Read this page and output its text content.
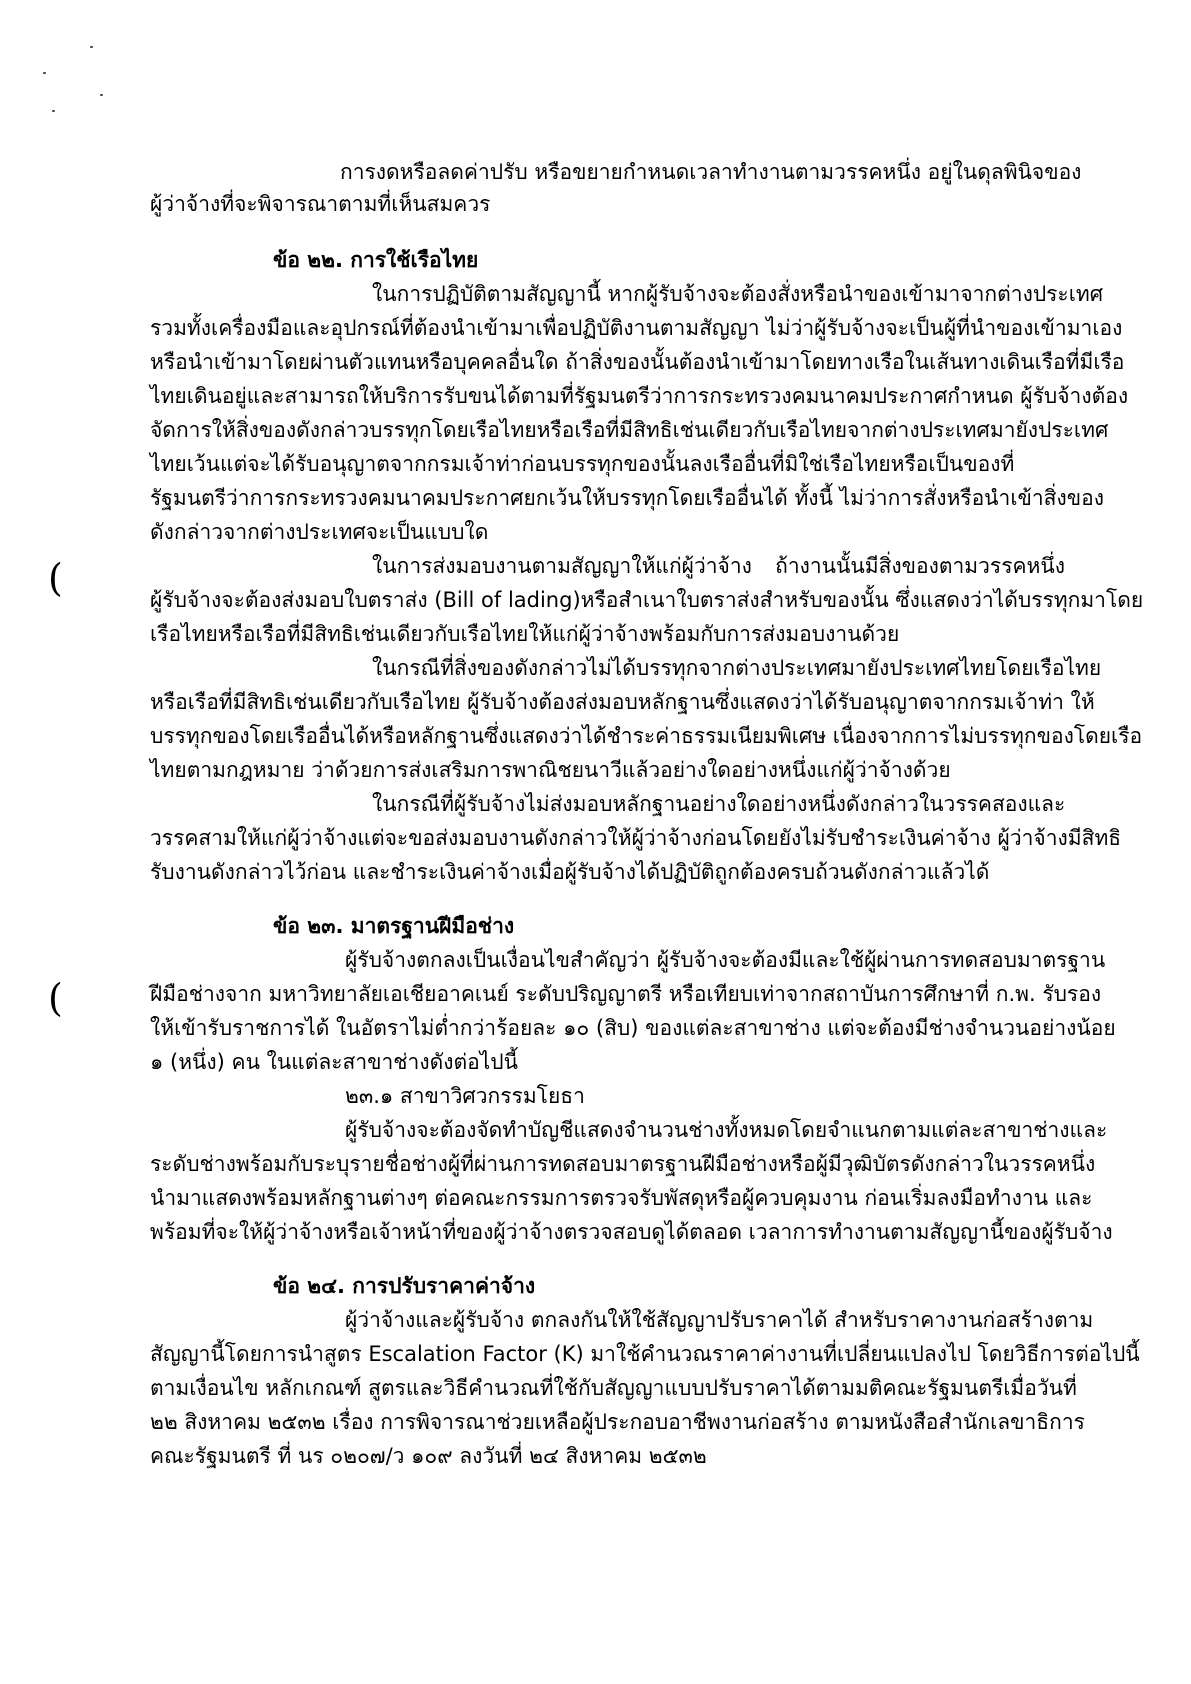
(
(
การงดหรือลดค่าปรับ หรือขยายกำหนดเวลาทำงานตามวรรคหนึ่ง อยู่ในดุลพินิจของ
ผู้ว่าจ้างที่จะพิจารณาตามที่เห็นสมควร
ข้อ ๒๒. การใช้เรือไทย
ในการปฏิบัติตามสัญญานี้ หากผู้รับจ้างจะต้องสั่งหรือนำของเข้ามาจากต่างประเทศ
รวมทั้งเครื่องมือและอุปกรณ์ที่ต้องนำเข้ามาเพื่อปฏิบัติงานตามสัญญา ไม่ว่าผู้รับจ้างจะเป็นผู้ที่นำของเข้ามาเอง
หรือนำเข้ามาโดยผ่านตัวแทนหรือบุคคลอื่นใด ถ้าสิ่งของนั้นต้องนำเข้ามาโดยทางเรือในเส้นทางเดินเรือที่มีเรือ
ไทยเดินอยู่และสามารถให้บริการรับขนได้ตามที่รัฐมนตรีว่าการกระทรวงคมนาคมประกาศกำหนด ผู้รับจ้างต้อง
จัดการให้สิ่งของดังกล่าวบรรทุกโดยเรือไทยหรือเรือที่มีสิทธิเช่นเดียวกับเรือไทยจากต่างประเทศมายังประเทศ
ไทยเว้นแต่จะได้รับอนุญาตจากกรมเจ้าท่าก่อนบรรทุกของนั้นลงเรืออื่นที่มิใช่เรือไทยหรือเป็นของที่
รัฐมนตรีว่าการกระทรวงคมนาคมประกาศยกเว้นให้บรรทุกโดยเรืออื่นได้ ทั้งนี้ ไม่ว่าการสั่งหรือนำเข้าสิ่งของ
ดังกล่าวจากต่างประเทศจะเป็นแบบใด
ในการส่งมอบงานตามสัญญาให้แก่ผู้ว่าจ้าง ถ้างานนั้นมีสิ่งของตามวรรคหนึ่ง
ผู้รับจ้างจะต้องส่งมอบใบตราส่ง (Bill of lading)หรือสำเนาใบตราส่งสำหรับของนั้น ซึ่งแสดงว่าได้บรรทุกมาโดย
เรือไทยหรือเรือที่มีสิทธิเช่นเดียวกับเรือไทยให้แก่ผู้ว่าจ้างพร้อมกับการส่งมอบงานด้วย
ในกรณีที่สิ่งของดังกล่าวไม่ได้บรรทุกจากต่างประเทศมายังประเทศไทยโดยเรือไทย
หรือเรือที่มีสิทธิเช่นเดียวกับเรือไทย ผู้รับจ้างต้องส่งมอบหลักฐานซึ่งแสดงว่าได้รับอนุญาตจากกรมเจ้าท่า ให้
บรรทุกของโดยเรืออื่นได้หรือหลักฐานซึ่งแสดงว่าได้ชำระค่าธรรมเนียมพิเศษ เนื่องจากการไม่บรรทุกของโดยเรือ
ไทยตามกฎหมาย ว่าด้วยการส่งเสริมการพาณิชยนาวีแล้วอย่างใดอย่างหนึ่งแก่ผู้ว่าจ้างด้วย
ในกรณีที่ผู้รับจ้างไม่ส่งมอบหลักฐานอย่างใดอย่างหนึ่งดังกล่าวในวรรคสองและ
วรรคสามให้แก่ผู้ว่าจ้างแต่จะขอส่งมอบงานดังกล่าวให้ผู้ว่าจ้างก่อนโดยยังไม่รับชำระเงินค่าจ้าง ผู้ว่าจ้างมีสิทธิ
รับงานดังกล่าวไว้ก่อน และชำระเงินค่าจ้างเมื่อผู้รับจ้างได้ปฏิบัติถูกต้องครบถ้วนดังกล่าวแล้วได้
ข้อ ๒๓. มาตรฐานฝีมือช่าง
ผู้รับจ้างตกลงเป็นเงื่อนไขสำคัญว่า ผู้รับจ้างจะต้องมีและใช้ผู้ผ่านการทดสอบมาตรฐาน
ฝีมือช่างจาก มหาวิทยาลัยเอเชียอาคเนย์ ระดับปริญญาตรี หรือเทียบเท่าจากสถาบันการศึกษาที่ ก.พ. รับรอง
ให้เข้ารับราชการได้ ในอัตราไม่ต่ำกว่าร้อยละ ๑๐ (สิบ) ของแต่ละสาขาช่าง แต่จะต้องมีช่างจำนวนอย่างน้อย
๑ (หนึ่ง) คน ในแต่ละสาขาช่างดังต่อไปนี้
๒๓.๑ สาขาวิศวกรรมโยธา
ผู้รับจ้างจะต้องจัดทำบัญชีแสดงจำนวนช่างทั้งหมดโดยจำแนกตามแต่ละสาขาช่างและ
ระดับช่างพร้อมกับระบุรายชื่อช่างผู้ที่ผ่านการทดสอบมาตรฐานฝีมือช่างหรือผู้มีวุฒิบัตรดังกล่าวในวรรคหนึ่ง
นำมาแสดงพร้อมหลักฐานต่างๆ ต่อคณะกรรมการตรวจรับพัสดุหรือผู้ควบคุมงาน ก่อนเริ่มลงมือทำงาน และ
พร้อมที่จะให้ผู้ว่าจ้างหรือเจ้าหน้าที่ของผู้ว่าจ้างตรวจสอบดูได้ตลอด เวลาการทำงานตามสัญญานี้ของผู้รับจ้าง
ข้อ ๒๔. การปรับราคาค่าจ้าง
ผู้ว่าจ้างและผู้รับจ้าง ตกลงกันให้ใช้สัญญาปรับราคาได้ สำหรับราคางานก่อสร้างตาม
สัญญานี้โดยการนำสูตร Escalation Factor (K) มาใช้คำนวณราคาค่างานที่เปลี่ยนแปลงไป โดยวิธีการต่อไปนี้
ตามเงื่อนไข หลักเกณฑ์ สูตรและวิธีคำนวณที่ใช้กับสัญญาแบบปรับราคาได้ตามมติคณะรัฐมนตรีเมื่อวันที่
๒๒ สิงหาคม ๒๕๓๒ เรื่อง การพิจารณาช่วยเหลือผู้ประกอบอาชีพงานก่อสร้าง ตามหนังสือสำนักเลขาธิการ
คณะรัฐมนตรี ที่ นร ๐๒๐๗/ว ๑๐๙ ลงวันที่ ๒๔ สิงหาคม ๒๕๓๒
